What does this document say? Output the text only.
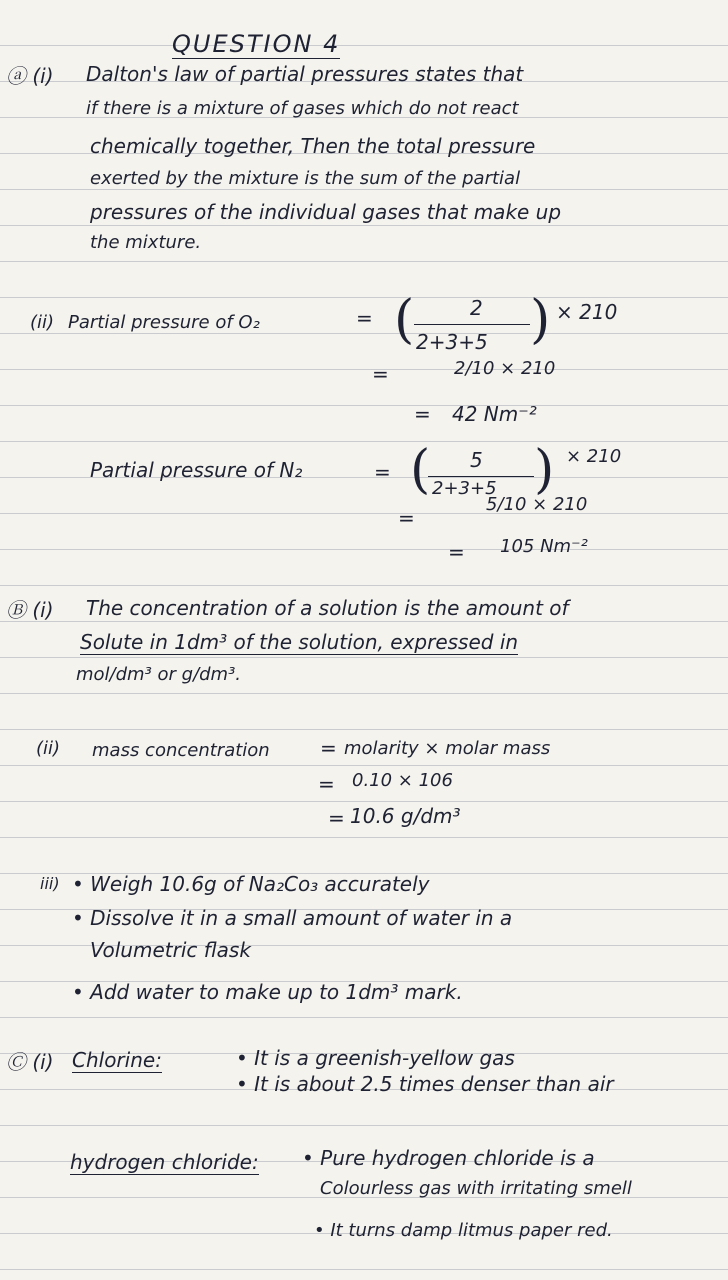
QUESTION 4
ⓐ (i) Dalton's law of partial pressures states that
if there is a mixture of gases which do not react
chemically together, Then the total pressure
exerted by the mixture is the sum of the partial
pressures of the individual gases that make up
the mixture.
(ii) Partial pressure of O₂	= (	2
2+3+5 ) × 210
=	2/10 × 210
= 42 Nm⁻²
Partial pressure of N₂	= ( 5
2+3+5 ) × 210
=
5/10 × 210
= 105 Nm⁻²
Ⓑ (i) The concentration of a solution is the amount of
Solute in 1dm³ of the solution, expressed in
mol/dm³ or g/dm³.
(ii) mass concentration	= molarity × molar mass
= 0.10 × 106
= 10.6 g/dm³
iii) • Weigh 10.6g of Na₂Co₃ accurately
• Dissolve it in a small amount of water in a
Volumetric flask
• Add water to make up to 1dm³ mark.
Ⓒ (i) Chlorine:	• It is a greenish-yellow gas
• It is about 2.5 times denser than air
hydrogen chloride: • Pure hydrogen chloride is a
Colourless gas with irritating smell
• It turns damp litmus paper red.
